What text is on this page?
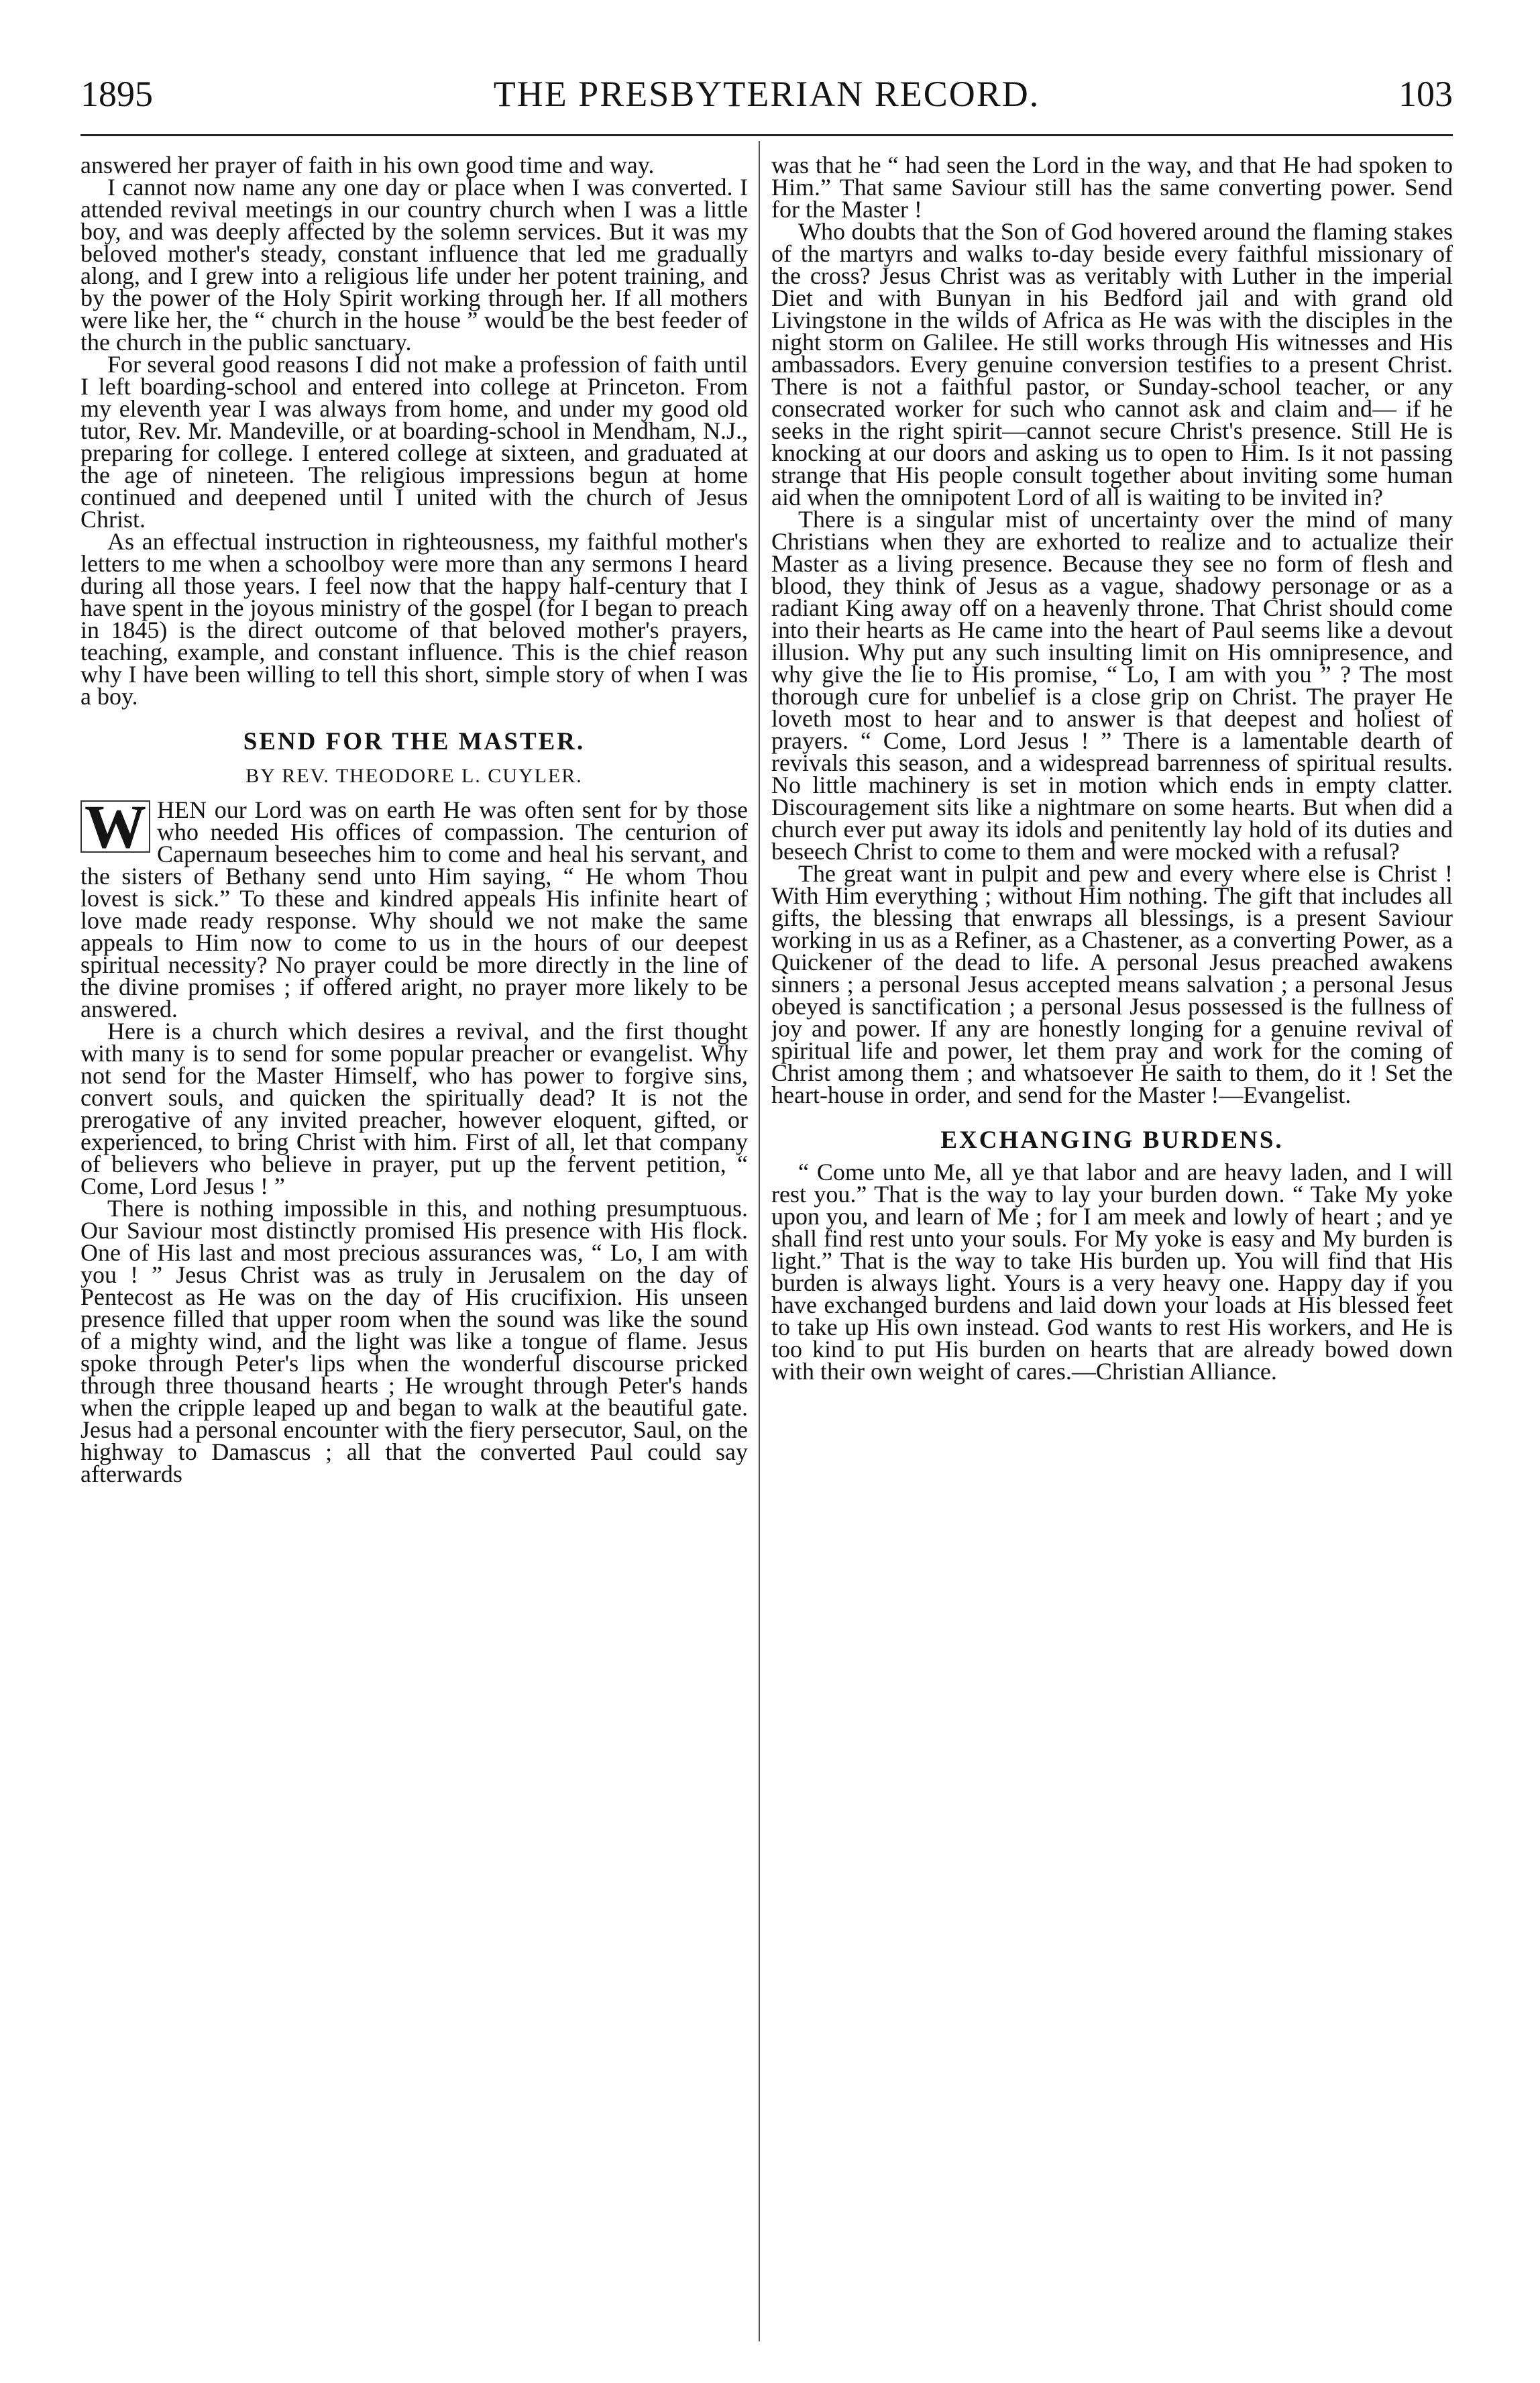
1895	THE PRESBYTERIAN RECORD.	103

answered her prayer of faith in his own good time and way.

I cannot now name any one day or place when I was converted. I attended revival meetings in our country church when I was a little boy, and was deeply affected by the solemn services. But it was my beloved mother's steady, constant influence that led me gradually along, and I grew into a religious life under her potent training, and by the power of the Holy Spirit working through her. If all mothers were like her, the “ church in the house ” would be the best feeder of the church in the public sanctuary.

For several good reasons I did not make a profession of faith until I left boarding-school and entered into college at Princeton. From my eleventh year I was always from home, and under my good old tutor, Rev. Mr. Mandeville, or at boarding-school in Mendham, N.J., preparing for college. I entered college at sixteen, and graduated at the age of nineteen. The religious impressions begun at home continued and deepened until I united with the church of Jesus Christ.

As an effectual instruction in righteousness, my faithful mother's letters to me when a schoolboy were more than any sermons I heard during all those years. I feel now that the happy half-century that I have spent in the joyous ministry of the gospel (for I began to preach in 1845) is the direct outcome of that beloved mother's prayers, teaching, example, and constant influence. This is the chief reason why I have been willing to tell this short, simple story of when I was a boy.

SEND FOR THE MASTER.
BY REV. THEODORE L. CUYLER.

W HEN our Lord was on earth He was often sent for by those who needed His offices of compassion. The centurion of Capernaum beseeches him to come and heal his servant, and the sisters of Bethany send unto Him saying, “ He whom Thou lovest is sick.” To these and kindred appeals His infinite heart of love made ready response. Why should we not make the same appeals to Him now to come to us in the hours of our deepest spiritual necessity? No prayer could be more directly in the line of the divine promises ; if offered aright, no prayer more likely to be answered.

Here is a church which desires a revival, and the first thought with many is to send for some popular preacher or evangelist. Why not send for the Master Himself, who has power to forgive sins, convert souls, and quicken the spiritually dead? It is not the prerogative of any invited preacher, however eloquent, gifted, or experienced, to bring Christ with him. First of all, let that company of believers who believe in prayer, put up the fervent petition, “ Come, Lord Jesus ! ”

There is nothing impossible in this, and nothing presumptuous. Our Saviour most distinctly promised His presence with His flock. One of His last and most precious assurances was, “ Lo, I am with you ! ” Jesus Christ was as truly in Jerusalem on the day of Pentecost as He was on the day of His crucifixion. His unseen presence filled that upper room when the sound was like the sound of a mighty wind, and the light was like a tongue of flame. Jesus spoke through Peter's lips when the wonderful discourse pricked through three thousand hearts ; He wrought through Peter's hands when the cripple leaped up and began to walk at the beautiful gate. Jesus had a personal encounter with the fiery persecutor, Saul, on the highway to Damascus ; all that the converted Paul could say afterwards

was that he “ had seen the Lord in the way, and that He had spoken to Him.” That same Saviour still has the same converting power. Send for the Master !

Who doubts that the Son of God hovered around the flaming stakes of the martyrs and walks to-day beside every faithful missionary of the cross? Jesus Christ was as veritably with Luther in the imperial Diet and with Bunyan in his Bedford jail and with grand old Livingstone in the wilds of Africa as He was with the disciples in the night storm on Galilee. He still works through His witnesses and His ambassadors. Every genuine conversion testifies to a present Christ. There is not a faithful pastor, or Sunday-school teacher, or any consecrated worker for such who cannot ask and claim and— if he seeks in the right spirit—cannot secure Christ's presence. Still He is knocking at our doors and asking us to open to Him. Is it not passing strange that His people consult together about inviting some human aid when the omnipotent Lord of all is waiting to be invited in?

There is a singular mist of uncertainty over the mind of many Christians when they are exhorted to realize and to actualize their Master as a living presence. Because they see no form of flesh and blood, they think of Jesus as a vague, shadowy personage or as a radiant King away off on a heavenly throne. That Christ should come into their hearts as He came into the heart of Paul seems like a devout illusion. Why put any such insulting limit on His omnipresence, and why give the lie to His promise, “ Lo, I am with you ” ? The most thorough cure for unbelief is a close grip on Christ. The prayer He loveth most to hear and to answer is that deepest and holiest of prayers. “ Come, Lord Jesus ! ” There is a lamentable dearth of revivals this season, and a widespread barrenness of spiritual results. No little machinery is set in motion which ends in empty clatter. Discouragement sits like a nightmare on some hearts. But when did a church ever put away its idols and penitently lay hold of its duties and beseech Christ to come to them and were mocked with a refusal?

The great want in pulpit and pew and every where else is Christ ! With Him everything ; without Him nothing. The gift that includes all gifts, the blessing that enwraps all blessings, is a present Saviour working in us as a Refiner, as a Chastener, as a converting Power, as a Quickener of the dead to life. A personal Jesus preached awakens sinners ; a personal Jesus accepted means salvation ; a personal Jesus obeyed is sanctification ; a personal Jesus possessed is the fullness of joy and power. If any are honestly longing for a genuine revival of spiritual life and power, let them pray and work for the coming of Christ among them ; and whatsoever He saith to them, do it ! Set the heart-house in order, and send for the Master !—Evangelist.

EXCHANGING BURDENS.

“ Come unto Me, all ye that labor and are heavy laden, and I will rest you.” That is the way to lay your burden down. “ Take My yoke upon you, and learn of Me ; for I am meek and lowly of heart ; and ye shall find rest unto your souls. For My yoke is easy and My burden is light.” That is the way to take His burden up. You will find that His burden is always light. Yours is a very heavy one. Happy day if you have exchanged burdens and laid down your loads at His blessed feet to take up His own instead. God wants to rest His workers, and He is too kind to put His burden on hearts that are already bowed down with their own weight of cares.—Christian Alliance.
